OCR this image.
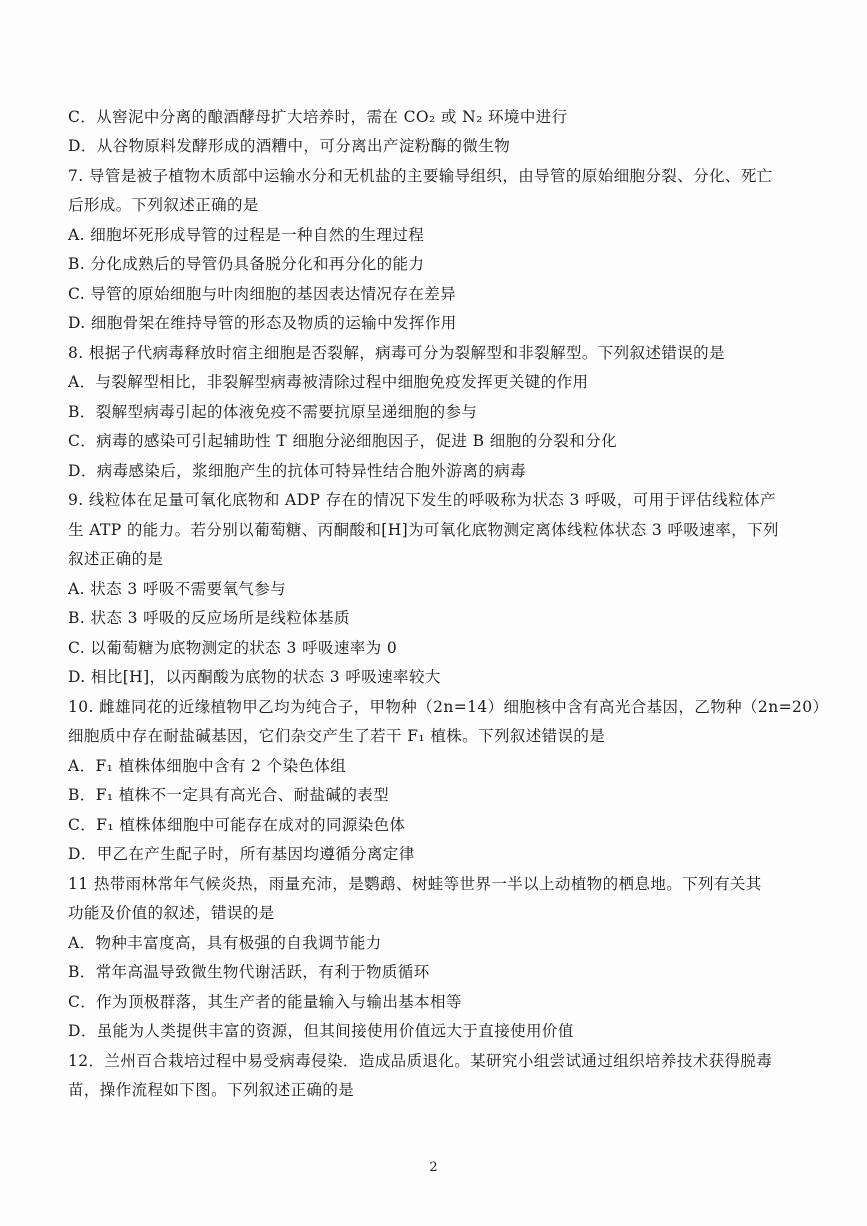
C．从窖泥中分离的酿酒酵母扩大培养时，需在 CO₂ 或 N₂ 环境中进行
D．从谷物原料发酵形成的酒糟中，可分离出产淀粉酶的微生物
7. 导管是被子植物木质部中运输水分和无机盐的主要输导组织，由导管的原始细胞分裂、分化、死亡
后形成。下列叙述正确的是
A. 细胞坏死形成导管的过程是一种自然的生理过程
B. 分化成熟后的导管仍具备脱分化和再分化的能力
C. 导管的原始细胞与叶肉细胞的基因表达情况存在差异
D. 细胞骨架在维持导管的形态及物质的运输中发挥作用
8. 根据子代病毒释放时宿主细胞是否裂解，病毒可分为裂解型和非裂解型。下列叙述错误的是
A．与裂解型相比，非裂解型病毒被清除过程中细胞免疫发挥更关键的作用
B．裂解型病毒引起的体液免疫不需要抗原呈递细胞的参与
C．病毒的感染可引起辅助性 T 细胞分泌细胞因子，促进 B 细胞的分裂和分化
D．病毒感染后，浆细胞产生的抗体可特异性结合胞外游离的病毒
9. 线粒体在足量可氧化底物和 ADP 存在的情况下发生的呼吸称为状态 3 呼吸，可用于评估线粒体产
生 ATP 的能力。若分别以葡萄糖、丙酮酸和[H]为可氧化底物测定离体线粒体状态 3 呼吸速率，下列
叙述正确的是
A. 状态 3 呼吸不需要氧气参与
B. 状态 3 呼吸的反应场所是线粒体基质
C. 以葡萄糖为底物测定的状态 3 呼吸速率为 0
D. 相比[H]，以丙酮酸为底物的状态 3 呼吸速率较大
10. 雌雄同花的近缘植物甲乙均为纯合子，甲物种（2n=14）细胞核中含有高光合基因，乙物种（2n=20）
细胞质中存在耐盐碱基因，它们杂交产生了若干 F₁ 植株。下列叙述错误的是
A．F₁ 植株体细胞中含有 2 个染色体组
B．F₁ 植株不一定具有高光合、耐盐碱的表型
C．F₁ 植株体细胞中可能存在成对的同源染色体
D．甲乙在产生配子时，所有基因均遵循分离定律
11 热带雨林常年气候炎热，雨量充沛，是鹦鹉、树蛙等世界一半以上动植物的栖息地。下列有关其
功能及价值的叙述，错误的是
A．物种丰富度高，具有极强的自我调节能力
B．常年高温导致微生物代谢活跃，有利于物质循环
C．作为顶极群落，其生产者的能量输入与输出基本相等
D．虽能为人类提供丰富的资源，但其间接使用价值远大于直接使用价值
12．兰州百合栽培过程中易受病毒侵染．造成品质退化。某研究小组尝试通过组织培养技术获得脱毒
苗，操作流程如下图。下列叙述正确的是
2
